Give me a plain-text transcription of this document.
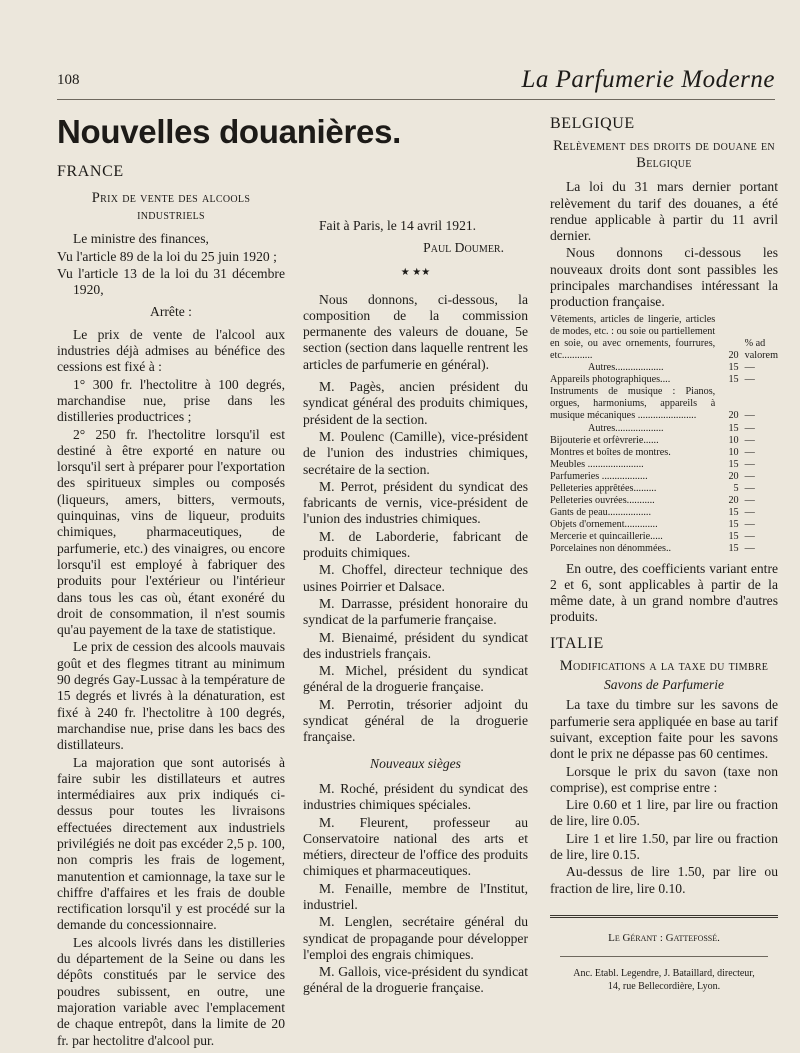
108	La Parfumerie Moderne
Nouvelles douanières.

FRANCE

Prix de vente des alcools industriels

Le ministre des finances,

Vu l'article 89 de la loi du 25 juin 1920 ;

Vu l'article 13 de la loi du 31 décembre 1920,

Arrête :

Le prix de vente de l'alcool aux industries déjà admises au bénéfice des cessions est fixé à :

1° 300 fr. l'hectolitre à 100 degrés, marchandise nue, prise dans les distilleries productrices ;

2° 250 fr. l'hectolitre lorsqu'il est destiné à être exporté en nature ou lorsqu'il sert à préparer pour l'exportation des spiritueux simples ou composés (liqueurs, amers, bitters, vermouts, quinquinas, vins de liqueur, produits chimiques, pharmaceutiques, de parfumerie, etc.) des vinaigres, ou encore lorsqu'il est employé à fabriquer des produits pour l'extérieur ou l'intérieur dans tous les cas où, étant exonéré du droit de consommation, il n'est soumis qu'au payement de la taxe de statistique.

Le prix de cession des alcools mauvais goût et des flegmes titrant au minimum 90 degrés Gay-Lussac à la température de 15 degrés et livrés à la dénaturation, est fixé à 240 fr. l'hectolitre à 100 degrés, marchandise nue, prise dans les bacs des distillateurs.

La majoration que sont autorisés à faire subir les distillateurs et autres intermédiaires aux prix indiqués ci-dessus pour toutes les livraisons effectuées directement aux industriels privilégiés ne doit pas excéder 2,5 p. 100, non compris les frais de logement, manutention et camionnage, la taxe sur le chiffre d'affaires et les frais de double rectification lorsqu'il y est procédé sur la demande du concessionnaire.

Les alcools livrés dans les distilleries du département de la Seine ou dans les dépôts constitués par le service des poudres subissent, en outre, une majoration variable avec l'emplacement de chaque entrepôt, dans la limite de 20 fr. par hectolitre d'alcool pur.

Fait à Paris, le 14 avril 1921.

Paul Doumer.

★ ★★

Nous donnons, ci-dessous, la composition de la commission permanente des valeurs de douane, 5e section (section dans laquelle rentrent les articles de parfumerie en général).

M. Pagès, ancien président du syndicat général des produits chimiques, président de la section.

M. Poulenc (Camille), vice-président de l'union des industries chimiques, secrétaire de la section.

M. Perrot, président du syndicat des fabricants de vernis, vice-président de l'union des industries chimiques.

M. de Laborderie, fabricant de produits chimiques.

M. Choffel, directeur technique des usines Poirrier et Dalsace.

M. Darrasse, président honoraire du syndicat de la parfumerie française.

M. Bienaimé, président du syndicat des industriels français.

M. Michel, président du syndicat général de la droguerie française.

M. Perrotin, trésorier adjoint du syndicat général de la droguerie française.

Nouveaux sièges

M. Roché, président du syndicat des industries chimiques spéciales.

M. Fleurent, professeur au Conservatoire national des arts et métiers, directeur de l'office des produits chimiques et pharmaceutiques.

M. Fenaille, membre de l'Institut, industriel.

M. Lenglen, secrétaire général du syndicat de propagande pour développer l'emploi des engrais chimiques.

M. Gallois, vice-président du syndicat général de la droguerie française.

BELGIQUE

Relèvement des droits de douane en Belgique

La loi du 31 mars dernier portant relèvement du tarif des douanes, a été rendue applicable à partir du 11 avril dernier.

Nous donnons ci-dessous les nouveaux droits dont sont passibles les principales marchandises intéressant la production française.

Vêtements, articles de lingerie, articles de modes, etc. : ou soie ou partiellement en soie, ou avec ornements, fourrures, etc............	20	% ad valorem
Autres...................	15	—
Appareils photographiques....	15	—
Instruments de musique : Pianos, orgues, harmoniums, appareils à musique mécaniques .......................	20	—
Autres...................	15	—
Bijouterie et orfèvrerie......	10	—
Montres et boîtes de montres.	10	—
Meubles ......................	15	—
Parfumeries ..................	20	—
Pelleteries apprêtées.........	5	—
Pelleteries ouvrées...........	20	—
Gants de peau.................	15	—
Objets d'ornement.............	15	—
Mercerie et quincaillerie.....	15	—
Porcelaines non dénommées..	15	—

En outre, des coefficients variant entre 2 et 6, sont applicables à partir de la même date, à un grand nombre d'autres produits.

ITALIE

Modifications a la taxe du timbre

Savons de Parfumerie

La taxe du timbre sur les savons de parfumerie sera appliquée en base au tarif suivant, exception faite pour les savons dont le prix ne dépasse pas 60 centimes.

Lorsque le prix du savon (taxe non comprise), est comprise entre :

Lire 0.60 et 1 lire, par lire ou fraction de lire, lire 0.05.

Lire 1 et lire 1.50, par lire ou fraction de lire, lire 0.15.

Au-dessus de lire 1.50, par lire ou fraction de lire, lire 0.10.

Le Gérant : Gattefossé.

Anc. Etabl. Legendre, J. Bataillard, directeur,
14, rue Bellecordière, Lyon.
